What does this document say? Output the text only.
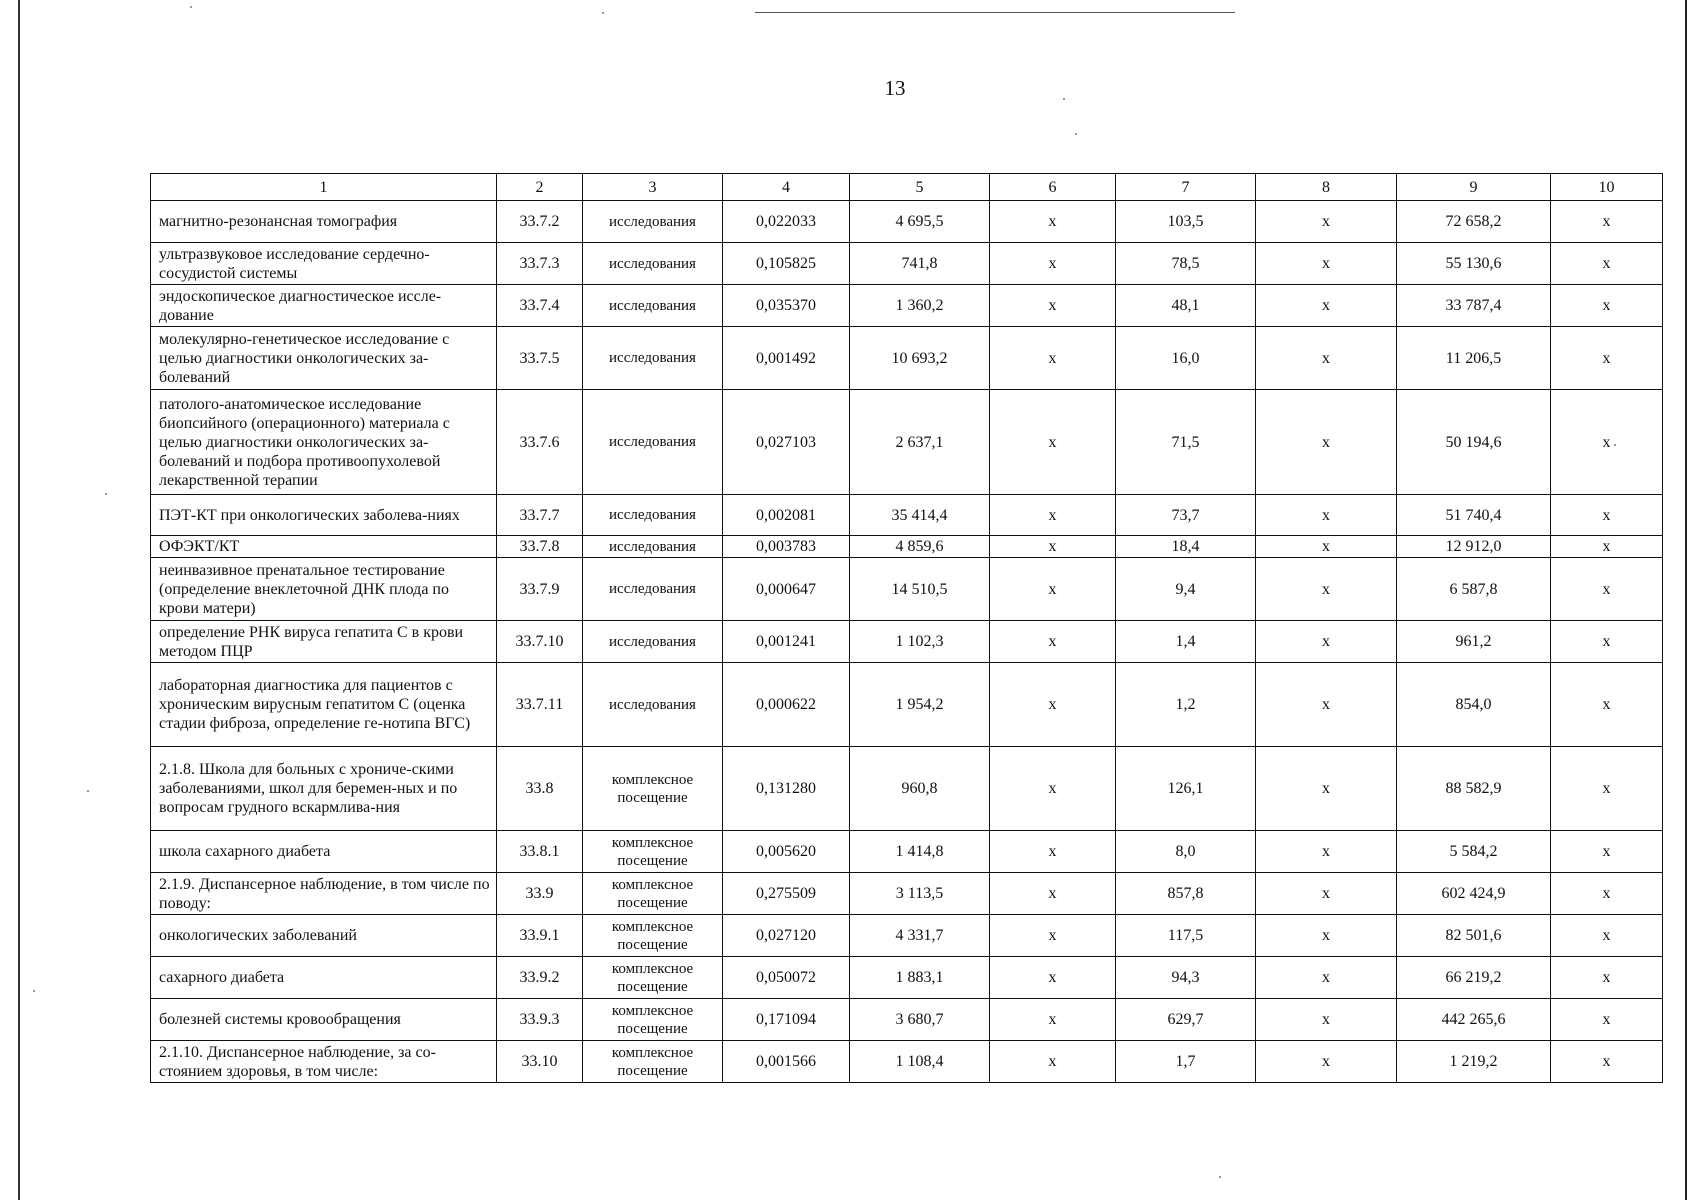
13
1	2	3	4	5	6	7	8	9	10
магнитно-резонансная томография	33.7.2	исследования	0,022033	4 695,5	х	103,5	х	72 658,2	х
ультразвуковое исследование сердечно-сосудистой системы	33.7.3	исследования	0,105825	741,8	х	78,5	х	55 130,6	х
эндоскопическое диагностическое иссле-дование	33.7.4	исследования	0,035370	1 360,2	х	48,1	х	33 787,4	х
молекулярно-генетическое исследование с целью диагностики онкологических за-болеваний	33.7.5	исследования	0,001492	10 693,2	х	16,0	х	11 206,5	х
патолого-анатомическое исследование биопсийного (операционного) материала с целью диагностики онкологических за-болеваний и подбора противоопухолевой лекарственной терапии	33.7.6	исследования	0,027103	2 637,1	х	71,5	х	50 194,6	х
ПЭТ-КТ при онкологических заболева-ниях	33.7.7	исследования	0,002081	35 414,4	х	73,7	х	51 740,4	х
ОФЭКТ/КТ	33.7.8	исследования	0,003783	4 859,6	х	18,4	х	12 912,0	х
неинвазивное пренатальное тестирование (определение внеклеточной ДНК плода по крови матери)	33.7.9	исследования	0,000647	14 510,5	х	9,4	х	6 587,8	х
определение РНК вируса гепатита С в крови методом ПЦР	33.7.10	исследования	0,001241	1 102,3	х	1,4	х	961,2	х
лабораторная диагностика для пациентов с хроническим вирусным гепатитом С (оценка стадии фиброза, определение ге-нотипа ВГС)	33.7.11	исследования	0,000622	1 954,2	х	1,2	х	854,0	х
2.1.8. Школа для больных с хрониче-скими заболеваниями, школ для беремен-ных и по вопросам грудного вскармлива-ния	33.8	комплексное посещение	0,131280	960,8	х	126,1	х	88 582,9	х
школа сахарного диабета	33.8.1	комплексное посещение	0,005620	1 414,8	х	8,0	х	5 584,2	х
2.1.9. Диспансерное наблюдение, в том числе по поводу:	33.9	комплексное посещение	0,275509	3 113,5	х	857,8	х	602 424,9	х
онкологических заболеваний	33.9.1	комплексное посещение	0,027120	4 331,7	х	117,5	х	82 501,6	х
сахарного диабета	33.9.2	комплексное посещение	0,050072	1 883,1	х	94,3	х	66 219,2	х
болезней системы кровообращения	33.9.3	комплексное посещение	0,171094	3 680,7	х	629,7	х	442 265,6	х
2.1.10. Диспансерное наблюдение, за со-стоянием здоровья, в том числе:	33.10	комплексное посещение	0,001566	1 108,4	х	1,7	х	1 219,2	х
